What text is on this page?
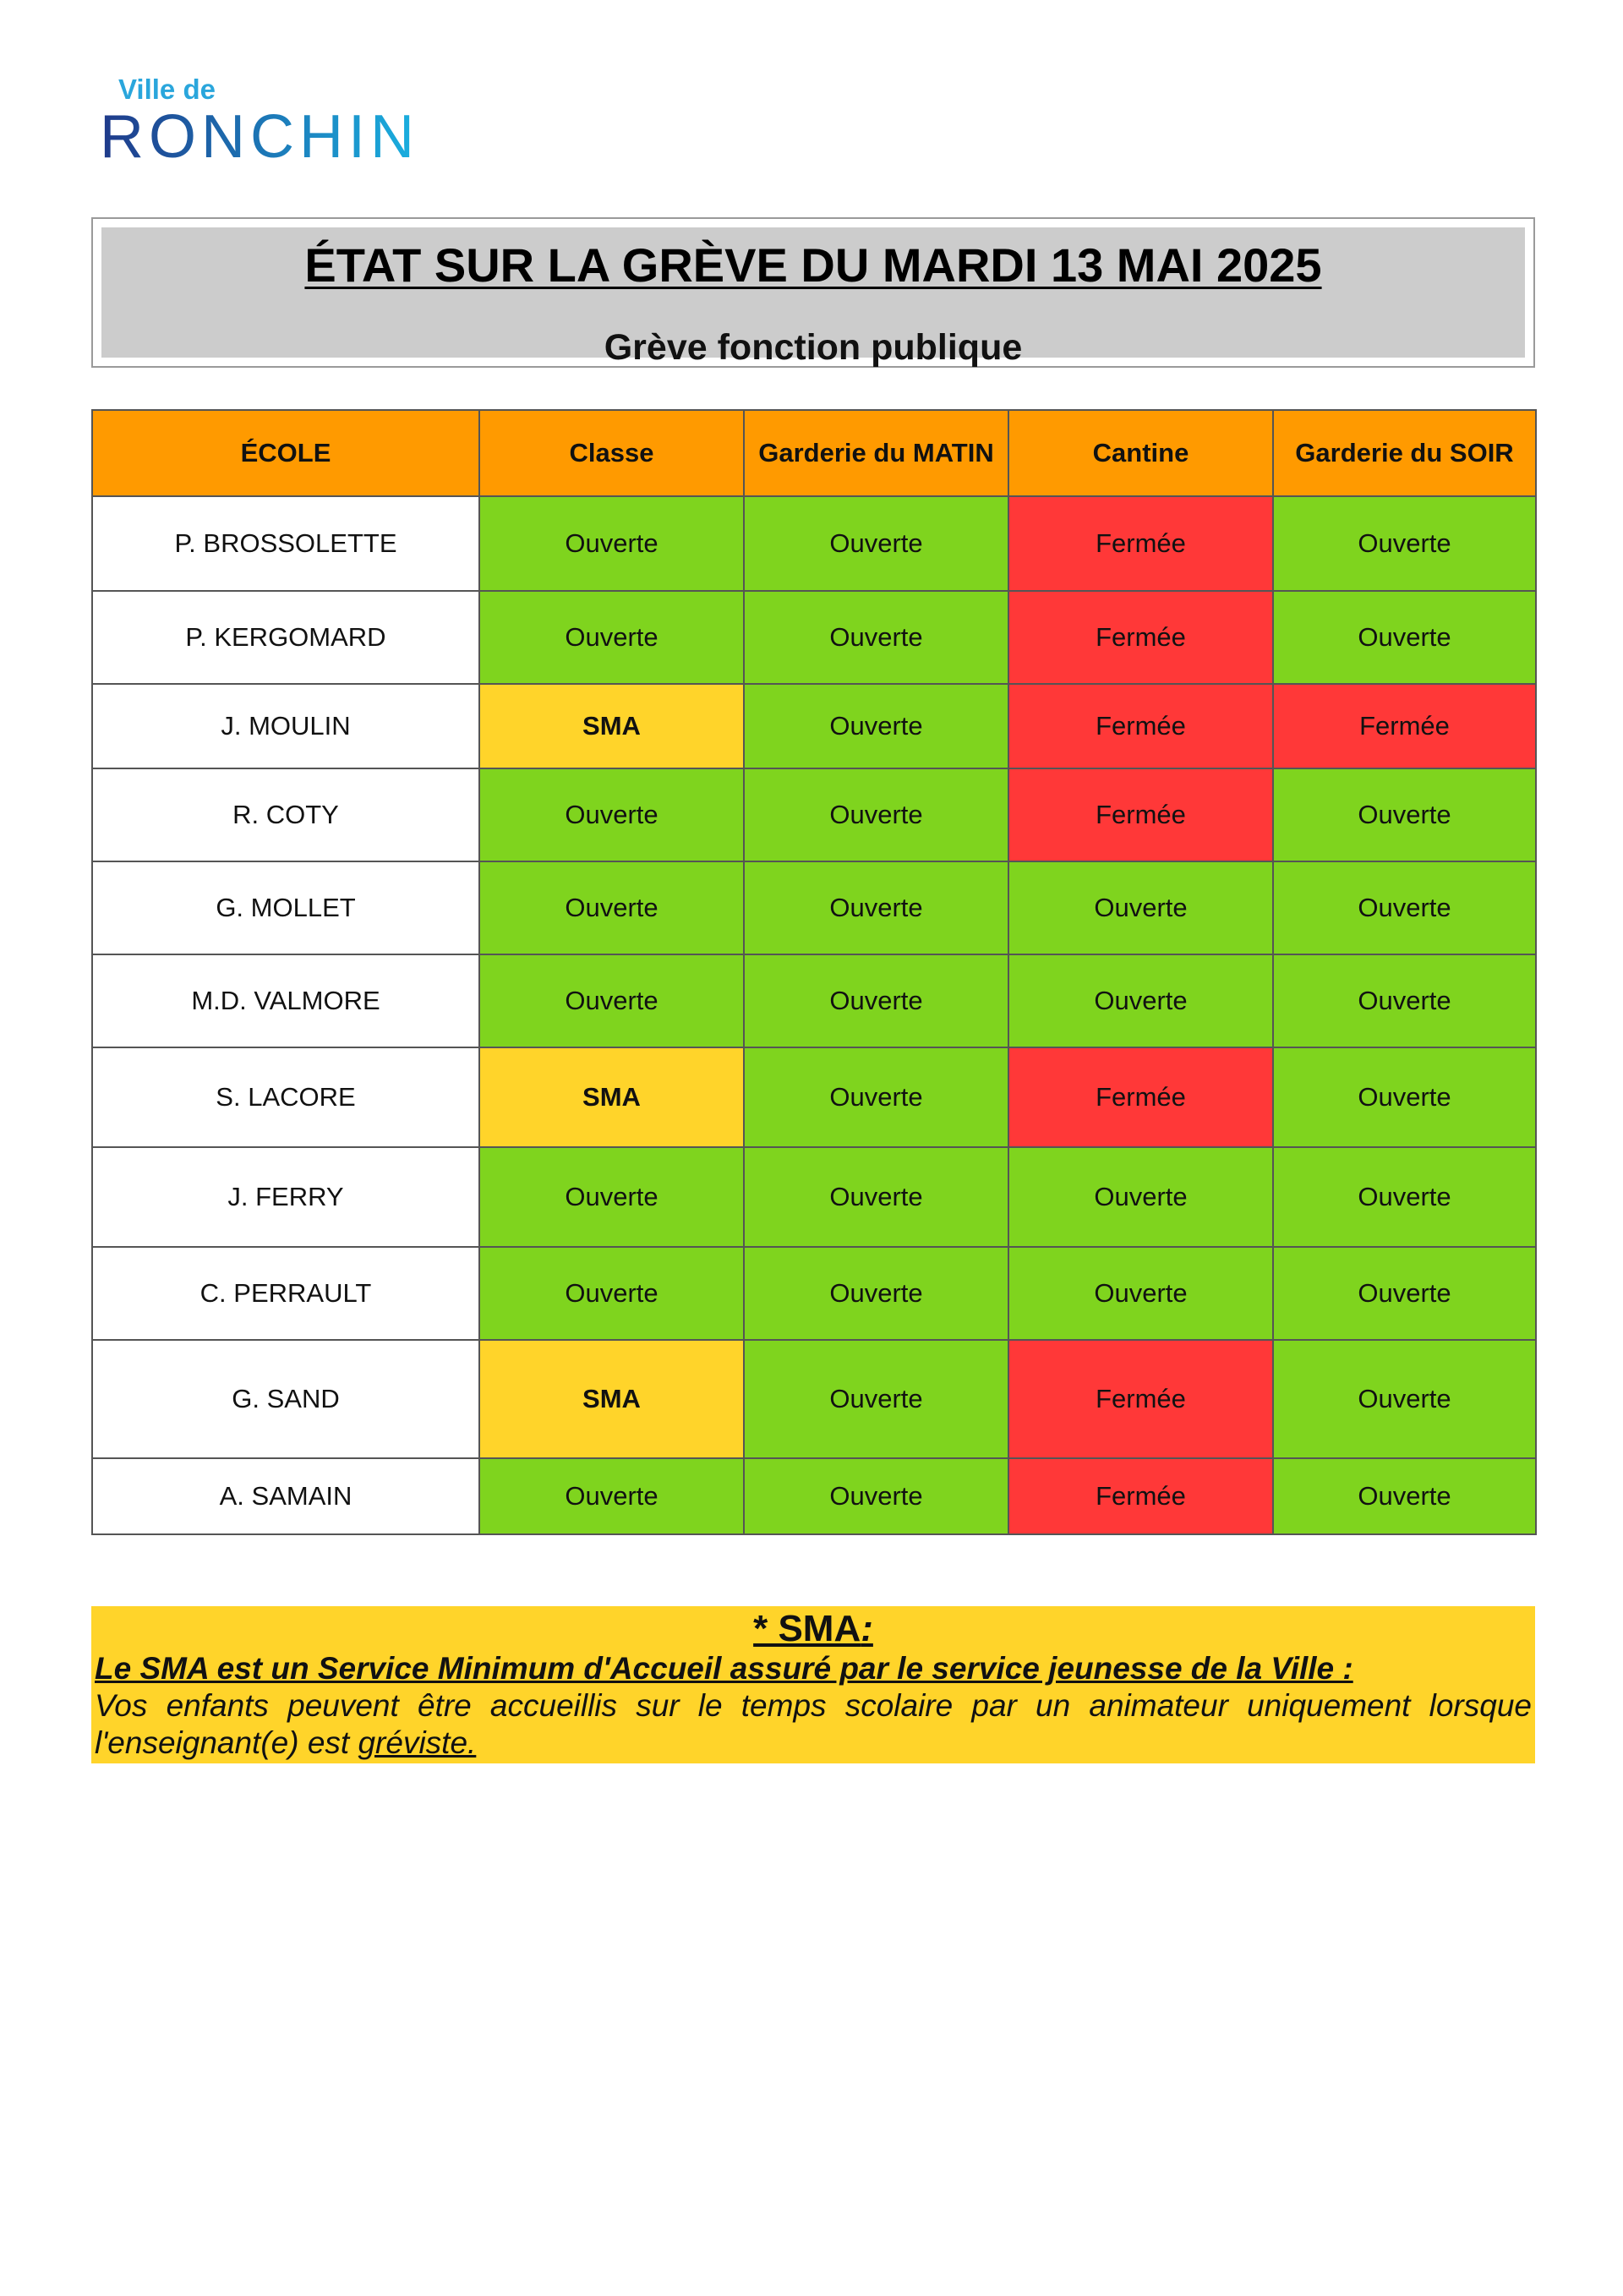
Ville de
RONCHIN
ÉTAT SUR LA GRÈVE DU MARDI 13 MAI 2025
Grève fonction publique
ÉCOLE	Classe	Garderie du MATIN	Cantine	Garderie du SOIR
P. BROSSOLETTE	Ouverte	Ouverte	Fermée	Ouverte
P. KERGOMARD	Ouverte	Ouverte	Fermée	Ouverte
J. MOULIN	SMA	Ouverte	Fermée	Fermée
R. COTY	Ouverte	Ouverte	Fermée	Ouverte
G. MOLLET	Ouverte	Ouverte	Ouverte	Ouverte
M.D. VALMORE	Ouverte	Ouverte	Ouverte	Ouverte
S. LACORE	SMA	Ouverte	Fermée	Ouverte
J. FERRY	Ouverte	Ouverte	Ouverte	Ouverte
C. PERRAULT	Ouverte	Ouverte	Ouverte	Ouverte
G. SAND	SMA	Ouverte	Fermée	Ouverte
A. SAMAIN	Ouverte	Ouverte	Fermée	Ouverte
* SMA:
Le SMA est un Service Minimum d'Accueil assuré par le service jeunesse de la Ville :
Vos enfants peuvent être accueillis sur le temps scolaire par un animateur uniquement lorsque l'enseignant(e) est gréviste.
